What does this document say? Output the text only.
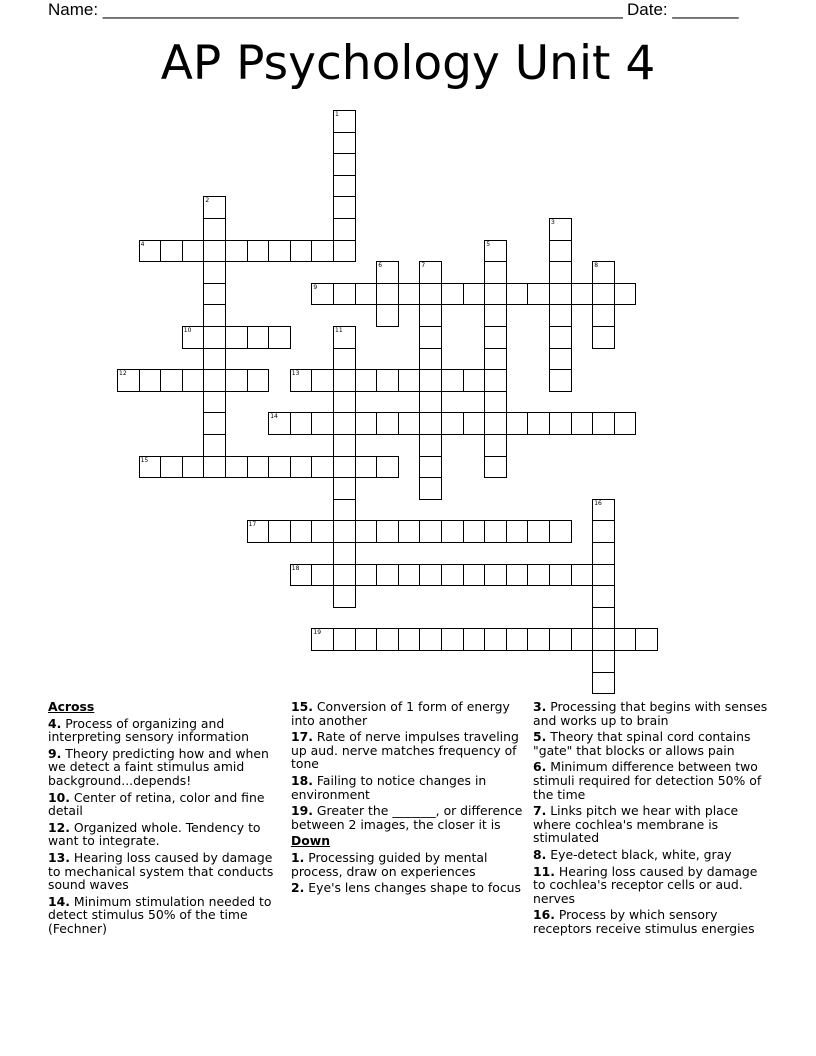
Name: _______________________________________________________ Date: _______
AP Psychology Unit 4
1
2
3
4	5
6	7	8
9
10	11
12	13
14
15
16
17
18
19
Across
4. Process of organizing and interpreting sensory information
9. Theory predicting how and when we detect a faint stimulus amid background...depends!
10. Center of retina, color and fine detail
12. Organized whole. Tendency to want to integrate.
13. Hearing loss caused by damage to mechanical system that conducts sound waves
14. Minimum stimulation needed to detect stimulus 50% of the time (Fechner)
15. Conversion of 1 form of energy into another
17. Rate of nerve impulses traveling up aud. nerve matches frequency of tone
18. Failing to notice changes in environment
19. Greater the _______, or difference between 2 images, the closer it is
Down
1. Processing guided by mental process, draw on experiences
2. Eye's lens changes shape to focus
3. Processing that begins with senses and works up to brain
5. Theory that spinal cord contains "gate" that blocks or allows pain
6. Minimum difference between two stimuli required for detection 50% of the time
7. Links pitch we hear with place where cochlea's membrane is stimulated
8. Eye-detect black, white, gray
11. Hearing loss caused by damage to cochlea's receptor cells or aud. nerves
16. Process by which sensory receptors receive stimulus energies
